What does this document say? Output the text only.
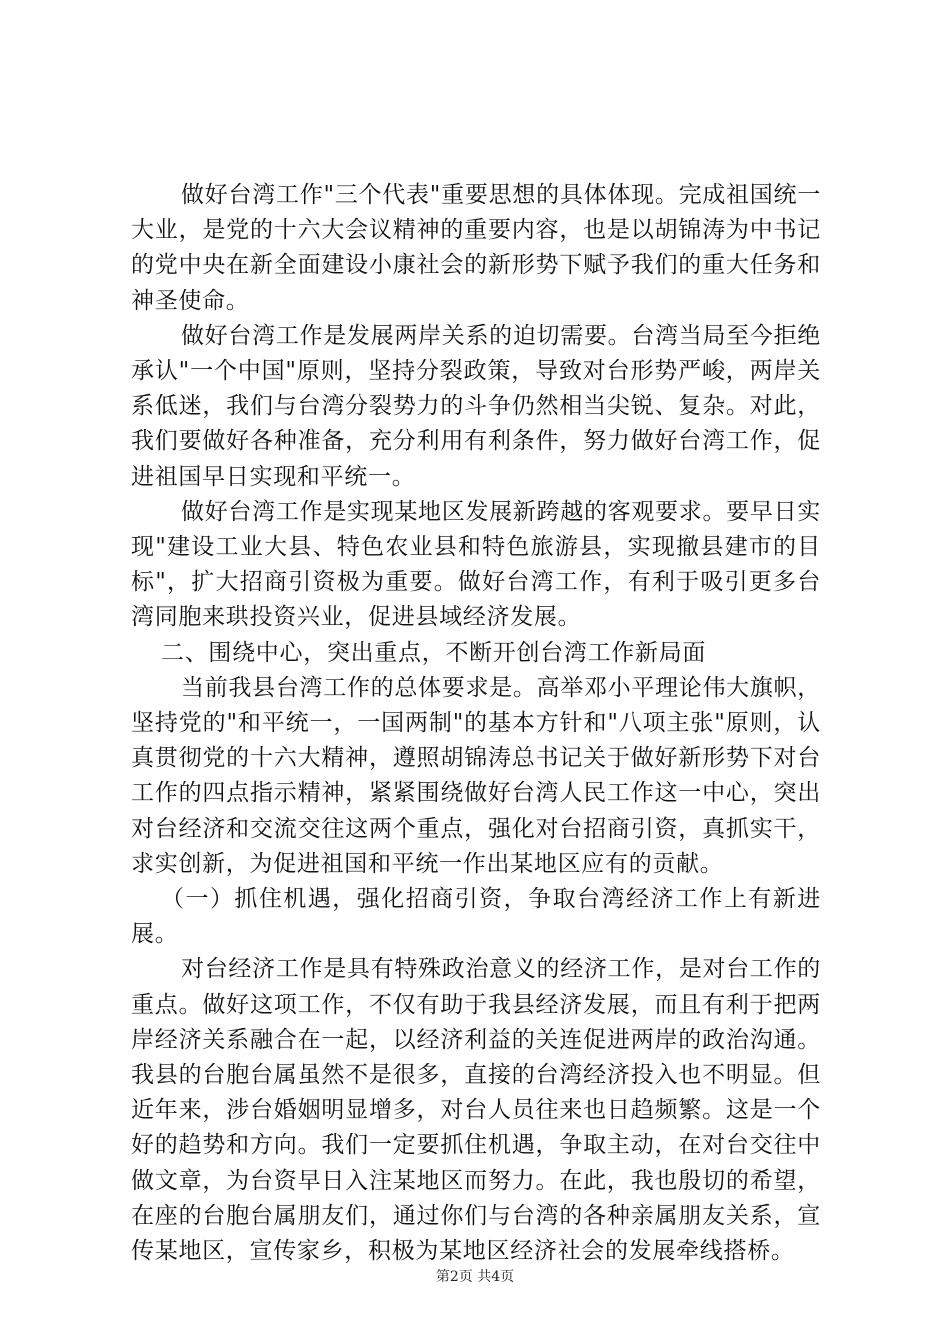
做好台湾工作"三个代表"重要思想的具体体现。完成祖国统一大业，是党的十六大会议精神的重要内容，也是以胡锦涛为中书记的党中央在新全面建设小康社会的新形势下赋予我们的重大任务和神圣使命。

做好台湾工作是发展两岸关系的迫切需要。台湾当局至今拒绝承认"一个中国"原则，坚持分裂政策，导致对台形势严峻，两岸关系低迷，我们与台湾分裂势力的斗争仍然相当尖锐、复杂。对此，我们要做好各种准备，充分利用有利条件，努力做好台湾工作，促进祖国早日实现和平统一。

做好台湾工作是实现某地区发展新跨越的客观要求。要早日实现"建设工业大县、特色农业县和特色旅游县，实现撤县建市的目标"，扩大招商引资极为重要。做好台湾工作，有利于吸引更多台湾同胞来珙投资兴业，促进县域经济发展。

二、围绕中心，突出重点，不断开创台湾工作新局面

当前我县台湾工作的总体要求是。高举邓小平理论伟大旗帜，坚持党的"和平统一，一国两制"的基本方针和"八项主张"原则，认真贯彻党的十六大精神，遵照胡锦涛总书记关于做好新形势下对台工作的四点指示精神，紧紧围绕做好台湾人民工作这一中心，突出对台经济和交流交往这两个重点，强化对台招商引资，真抓实干，求实创新，为促进祖国和平统一作出某地区应有的贡献。

（一）抓住机遇，强化招商引资，争取台湾经济工作上有新进展。

对台经济工作是具有特殊政治意义的经济工作，是对台工作的重点。做好这项工作，不仅有助于我县经济发展，而且有利于把两岸经济关系融合在一起，以经济利益的关连促进两岸的政治沟通。我县的台胞台属虽然不是很多，直接的台湾经济投入也不明显。但近年来，涉台婚姻明显增多，对台人员往来也日趋频繁。这是一个好的趋势和方向。我们一定要抓住机遇，争取主动，在对台交往中做文章，为台资早日入注某地区而努力。在此，我也殷切的希望，在座的台胞台属朋友们，通过你们与台湾的各种亲属朋友关系，宣传某地区，宣传家乡，积极为某地区经济社会的发展牵线搭桥。

第2页 共4页
